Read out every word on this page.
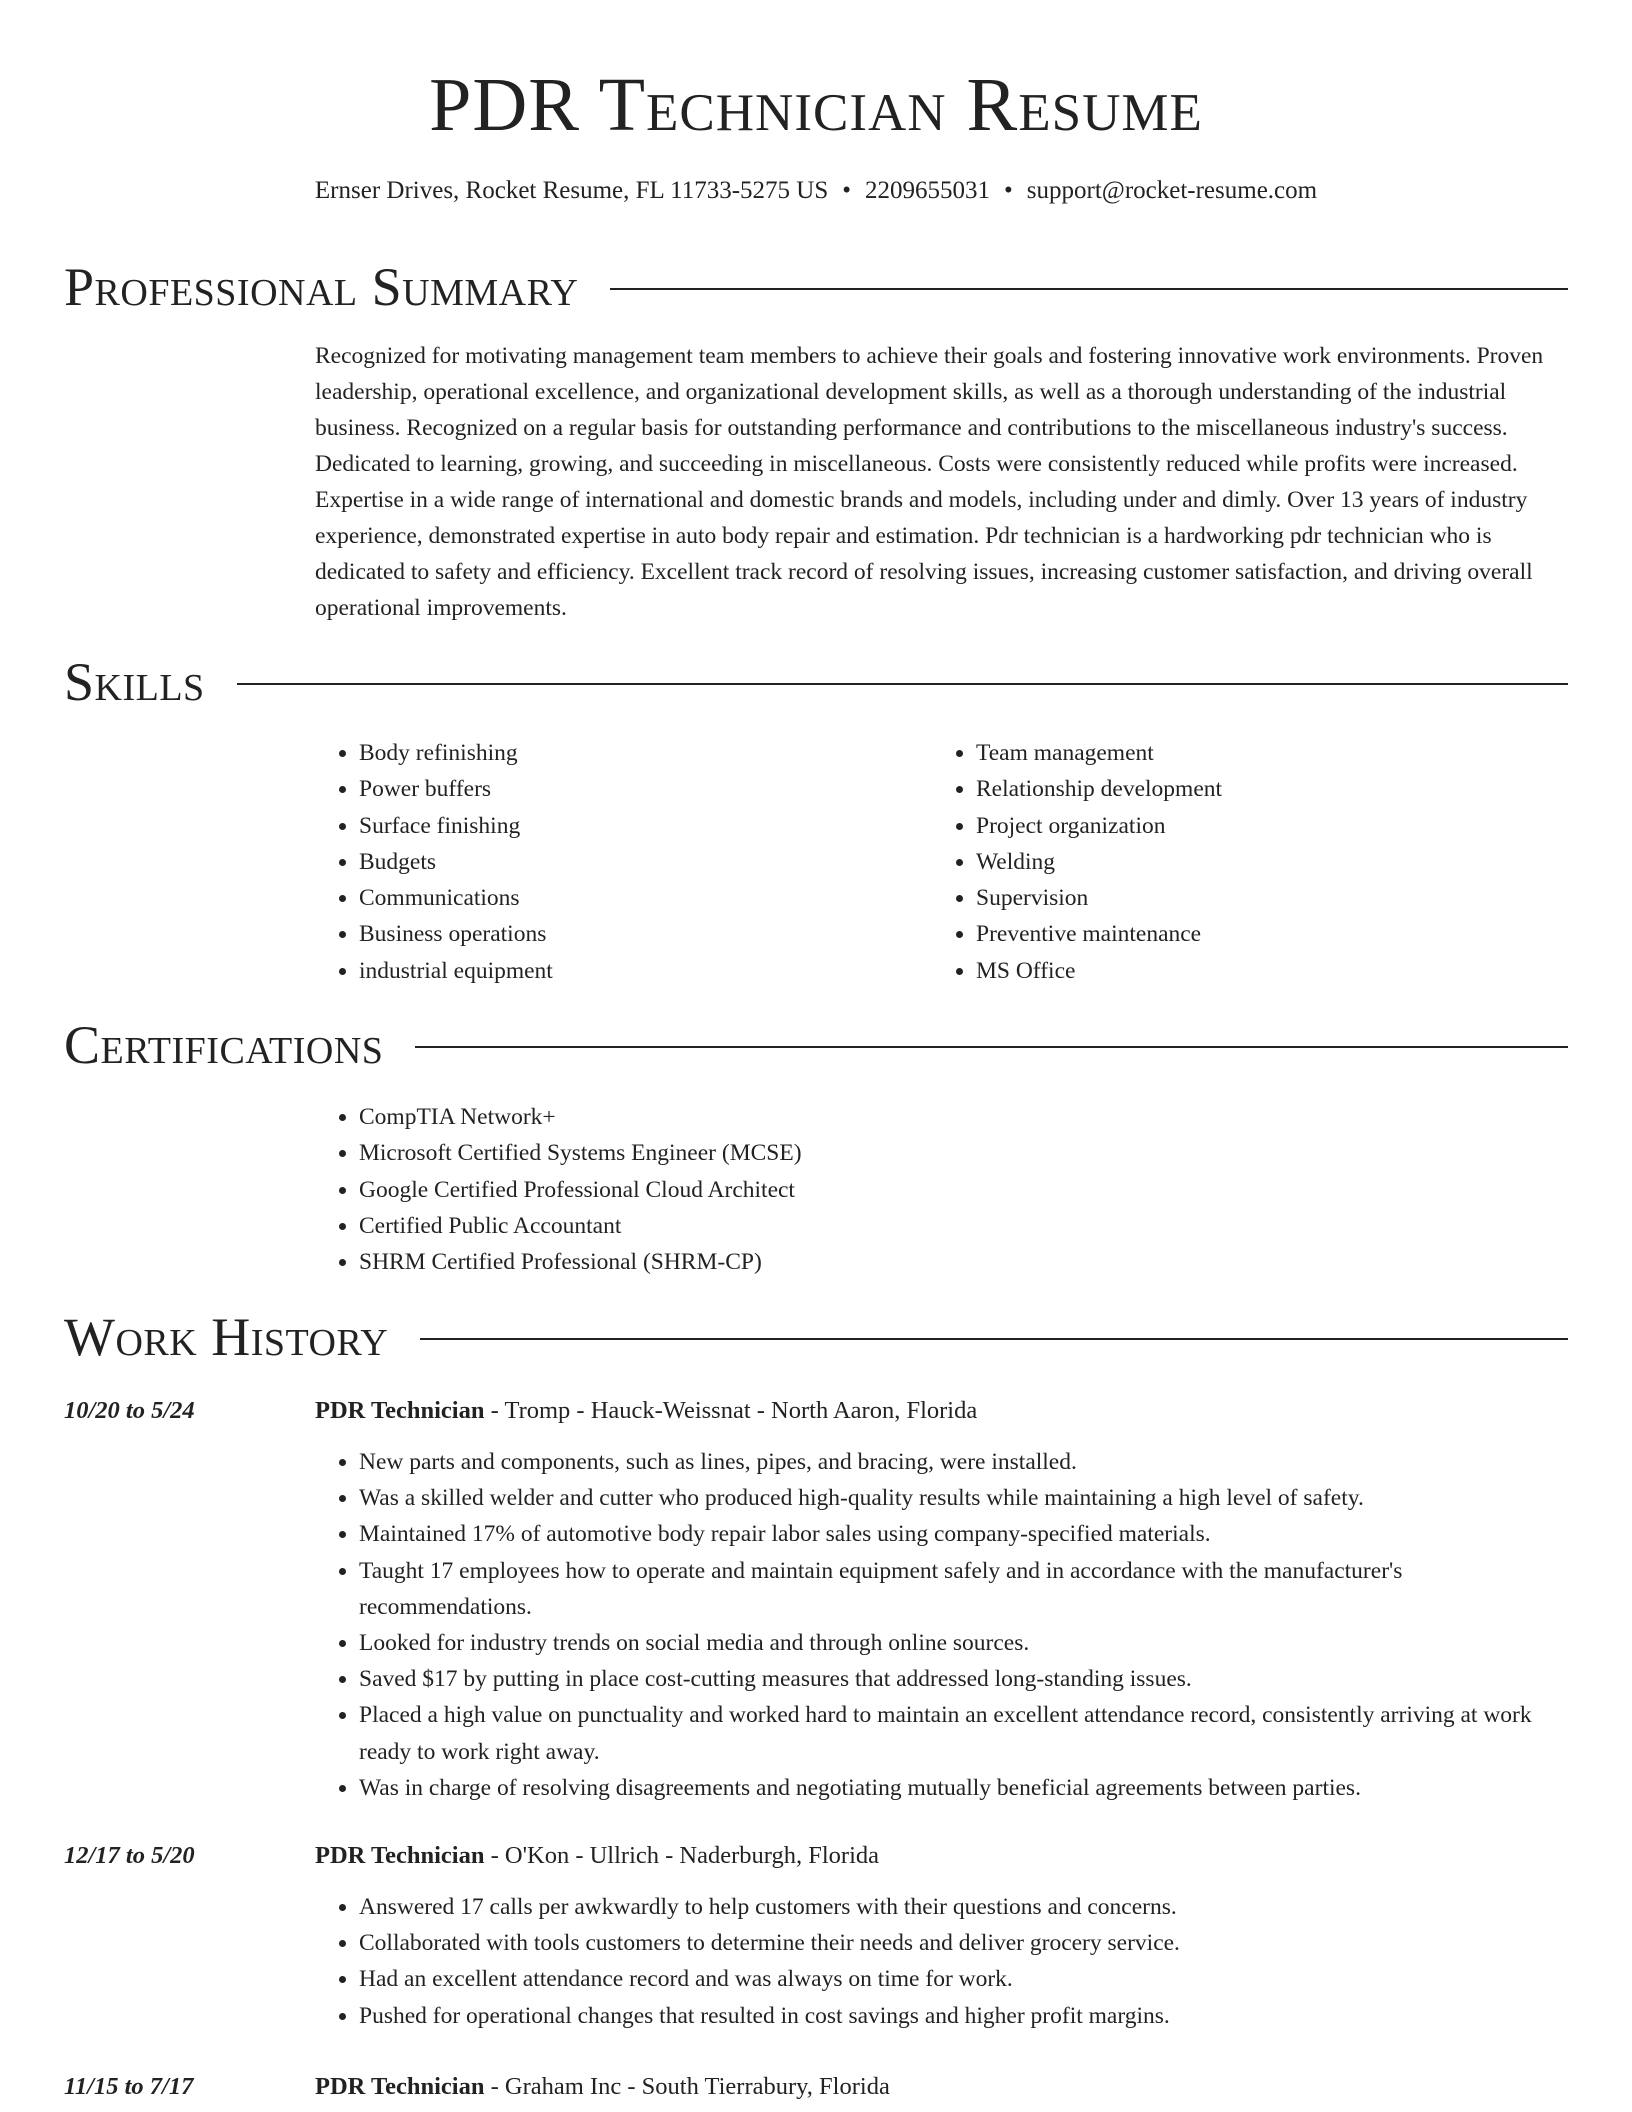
PDR Technician Resume
Ernser Drives, Rocket Resume, FL 11733-5275 US • 2209655031 • support@rocket-resume.com
Professional Summary

Recognized for motivating management team members to achieve their goals and fostering innovative work environments. Proven leadership, operational excellence, and organizational development skills, as well as a thorough understanding of the industrial business. Recognized on a regular basis for outstanding performance and contributions to the miscellaneous industry's success. Dedicated to learning, growing, and succeeding in miscellaneous. Costs were consistently reduced while profits were increased. Expertise in a wide range of international and domestic brands and models, including under and dimly. Over 13 years of industry experience, demonstrated expertise in auto body repair and estimation. Pdr technician is a hardworking pdr technician who is dedicated to safety and efficiency. Excellent track record of resolving issues, increasing customer satisfaction, and driving overall operational improvements.

Skills
• Body refinishing
• Power buffers
• Surface finishing
• Budgets
• Communications
• Business operations
• industrial equipment
• Team management
• Relationship development
• Project organization
• Welding
• Supervision
• Preventive maintenance
• MS Office
Certifications
• CompTIA Network+
• Microsoft Certified Systems Engineer (MCSE)
• Google Certified Professional Cloud Architect
• Certified Public Accountant
• SHRM Certified Professional (SHRM-CP)
Work History
10/20 to 5/24	PDR Technician - Tromp - Hauck-Weissnat - North Aaron, Florida
• New parts and components, such as lines, pipes, and bracing, were installed.
• Was a skilled welder and cutter who produced high-quality results while maintaining a high level of safety.
• Maintained 17% of automotive body repair labor sales using company-specified materials.
• Taught 17 employees how to operate and maintain equipment safely and in accordance with the manufacturer's recommendations.
• Looked for industry trends on social media and through online sources.
• Saved $17 by putting in place cost-cutting measures that addressed long-standing issues.
• Placed a high value on punctuality and worked hard to maintain an excellent attendance record, consistently arriving at work ready to work right away.
• Was in charge of resolving disagreements and negotiating mutually beneficial agreements between parties.
12/17 to 5/20	PDR Technician - O'Kon - Ullrich - Naderburgh, Florida
• Answered 17 calls per awkwardly to help customers with their questions and concerns.
• Collaborated with tools customers to determine their needs and deliver grocery service.
• Had an excellent attendance record and was always on time for work.
• Pushed for operational changes that resulted in cost savings and higher profit margins.
11/15 to 7/17	PDR Technician - Graham Inc - South Tierrabury, Florida
